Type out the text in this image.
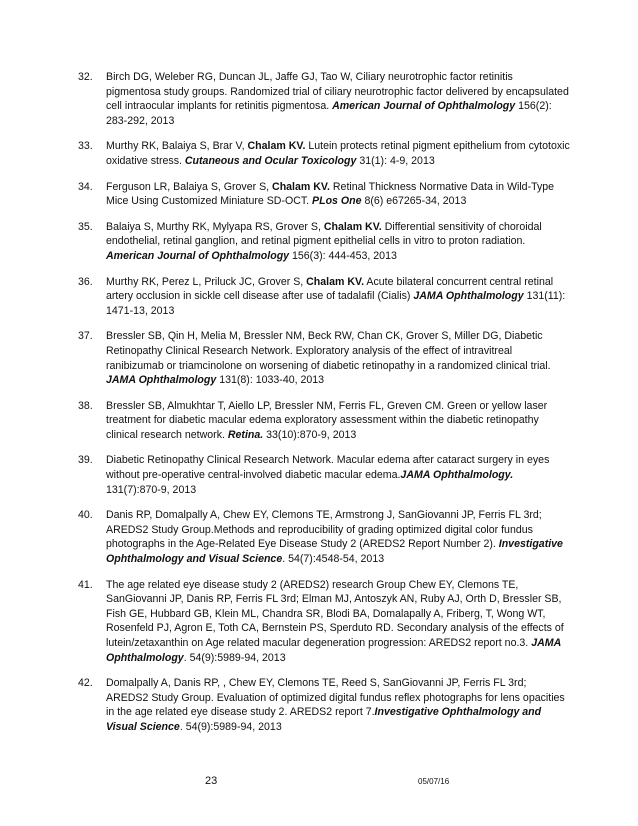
32.	Birch DG, Weleber RG, Duncan JL, Jaffe GJ, Tao W, Ciliary neurotrophic factor retinitis pigmentosa study groups. Randomized trial of ciliary neurotrophic factor delivered by encapsulated cell intraocular implants for retinitis pigmentosa. American Journal of Ophthalmology 156(2): 283-292, 2013
33.	Murthy RK, Balaiya S, Brar V, Chalam KV. Lutein protects retinal pigment epithelium from cytotoxic oxidative stress. Cutaneous and Ocular Toxicology 31(1): 4-9, 2013
34.	Ferguson LR, Balaiya S, Grover S, Chalam KV. Retinal Thickness Normative Data in Wild-Type Mice Using Customized Miniature SD-OCT. PLos One 8(6) e67265-34, 2013
35.	Balaiya S, Murthy RK, Mylyapa RS, Grover S, Chalam KV. Differential sensitivity of choroidal endothelial, retinal ganglion, and retinal pigment epithelial cells in vitro to proton radiation. American Journal of Ophthalmology 156(3): 444-453, 2013
36.	Murthy RK, Perez L, Priluck JC, Grover S, Chalam KV. Acute bilateral concurrent central retinal artery occlusion in sickle cell disease after use of tadalafil (Cialis) JAMA Ophthalmology 131(11): 1471-13, 2013
37.	Bressler SB, Qin H, Melia M, Bressler NM, Beck RW, Chan CK, Grover S, Miller DG, Diabetic Retinopathy Clinical Research Network. Exploratory analysis of the effect of intravitreal ranibizumab or triamcinolone on worsening of diabetic retinopathy in a randomized clinical trial. JAMA Ophthalmology 131(8): 1033-40, 2013
38.	Bressler SB, Almukhtar T, Aiello LP, Bressler NM, Ferris FL, Greven CM. Green or yellow laser treatment for diabetic macular edema exploratory assessment within the diabetic retinopathy clinical research network. Retina. 33(10):870-9, 2013
39.	Diabetic Retinopathy Clinical Research Network. Macular edema after cataract surgery in eyes without pre-operative central-involved diabetic macular edema.JAMA Ophthalmology. 131(7):870-9, 2013
40.	Danis RP, Domalpally A, Chew EY, Clemons TE, Armstrong J, SanGiovanni JP, Ferris FL 3rd; AREDS2 Study Group.Methods and reproducibility of grading optimized digital color fundus photographs in the Age-Related Eye Disease Study 2 (AREDS2 Report Number 2). Investigative Ophthalmology and Visual Science. 54(7):4548-54, 2013
41.	The age related eye disease study 2 (AREDS2) research Group Chew EY, Clemons TE, SanGiovanni JP, Danis RP, Ferris FL 3rd; Elman MJ, Antoszyk AN, Ruby AJ, Orth D, Bressler SB, Fish GE, Hubbard GB, Klein ML, Chandra SR, Blodi BA, Domalapally A, Friberg, T, Wong WT, Rosenfeld PJ, Agron E, Toth CA, Bernstein PS, Sperduto RD. Secondary analysis of the effects of lutein/zetaxanthin on Age related macular degeneration progression: AREDS2 report no.3. JAMA Ophthalmology. 54(9):5989-94, 2013
42.	Domalpally A, Danis RP, , Chew EY, Clemons TE, Reed S, SanGiovanni JP, Ferris FL 3rd; AREDS2 Study Group. Evaluation of optimized digital fundus reflex photographs for lens opacities in the age related eye disease study 2. AREDS2 report 7.Investigative Ophthalmology and Visual Science. 54(9):5989-94, 2013
23	05/07/16
